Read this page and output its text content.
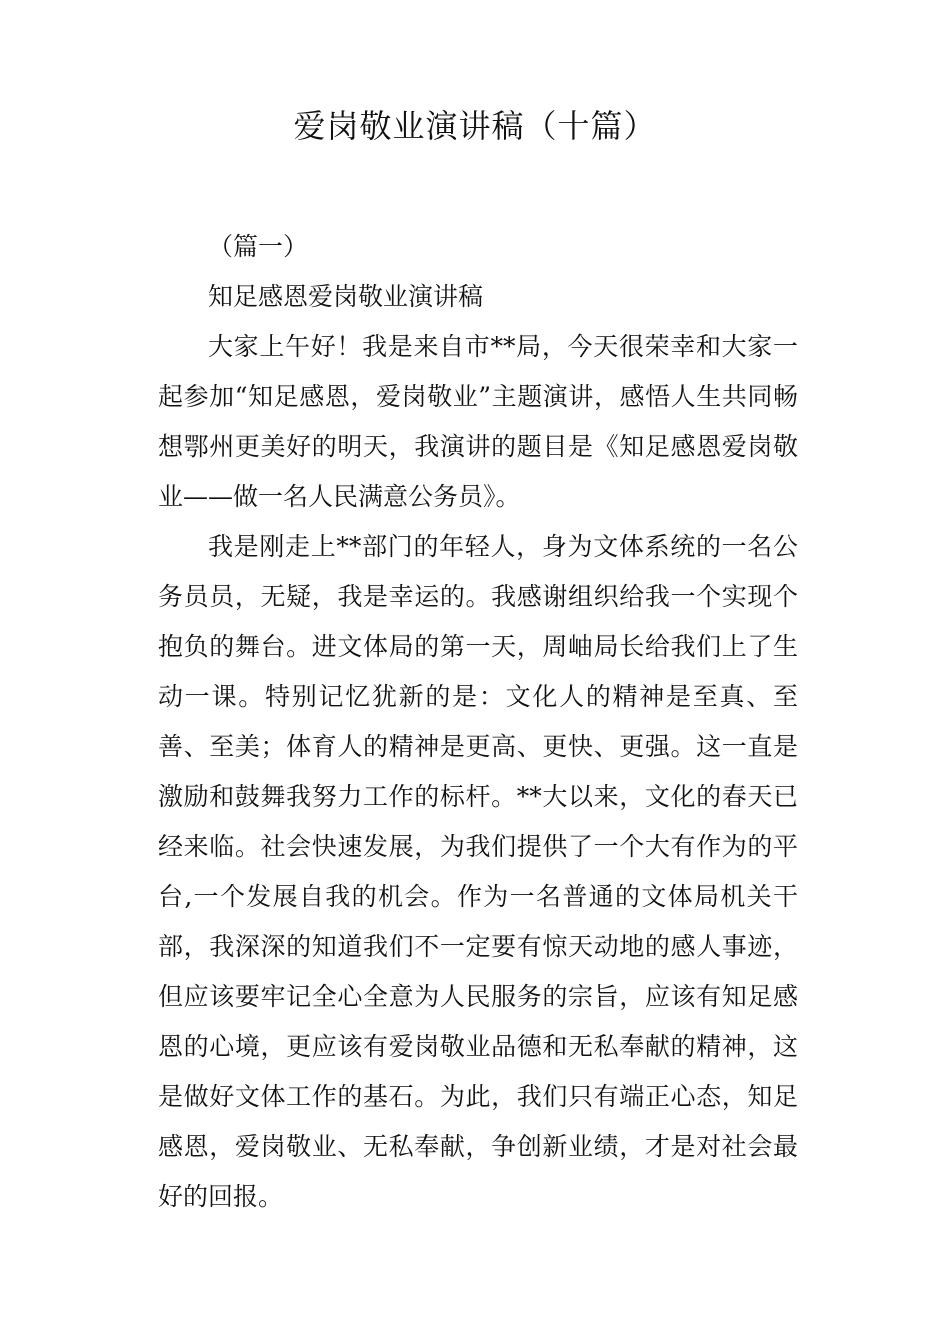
爱岗敬业演讲稿（十篇）

（篇一）

知足感恩爱岗敬业演讲稿

大家上午好！我是来自市**局，今天很荣幸和大家一起参加“知足感恩，爱岗敬业”主题演讲，感悟人生共同畅想鄂州更美好的明天，我演讲的题目是《知足感恩爱岗敬业——做一名人民满意公务员》。

我是刚走上**部门的年轻人，身为文体系统的一名公务员员，无疑，我是幸运的。我感谢组织给我一个实现个抱负的舞台。进文体局的第一天，周岫局长给我们上了生动一课。特别记忆犹新的是：文化人的精神是至真、至善、至美；体育人的精神是更高、更快、更强。这一直是激励和鼓舞我努力工作的标杆。**大以来，文化的春天已经来临。社会快速发展，为我们提供了一个大有作为的平台,一个发展自我的机会。作为一名普通的文体局机关干部，我深深的知道我们不一定要有惊天动地的感人事迹，但应该要牢记全心全意为人民服务的宗旨，应该有知足感恩的心境，更应该有爱岗敬业品德和无私奉献的精神，这是做好文体工作的基石。为此，我们只有端正心态，知足感恩，爱岗敬业、无私奉献，争创新业绩，才是对社会最好的回报。
